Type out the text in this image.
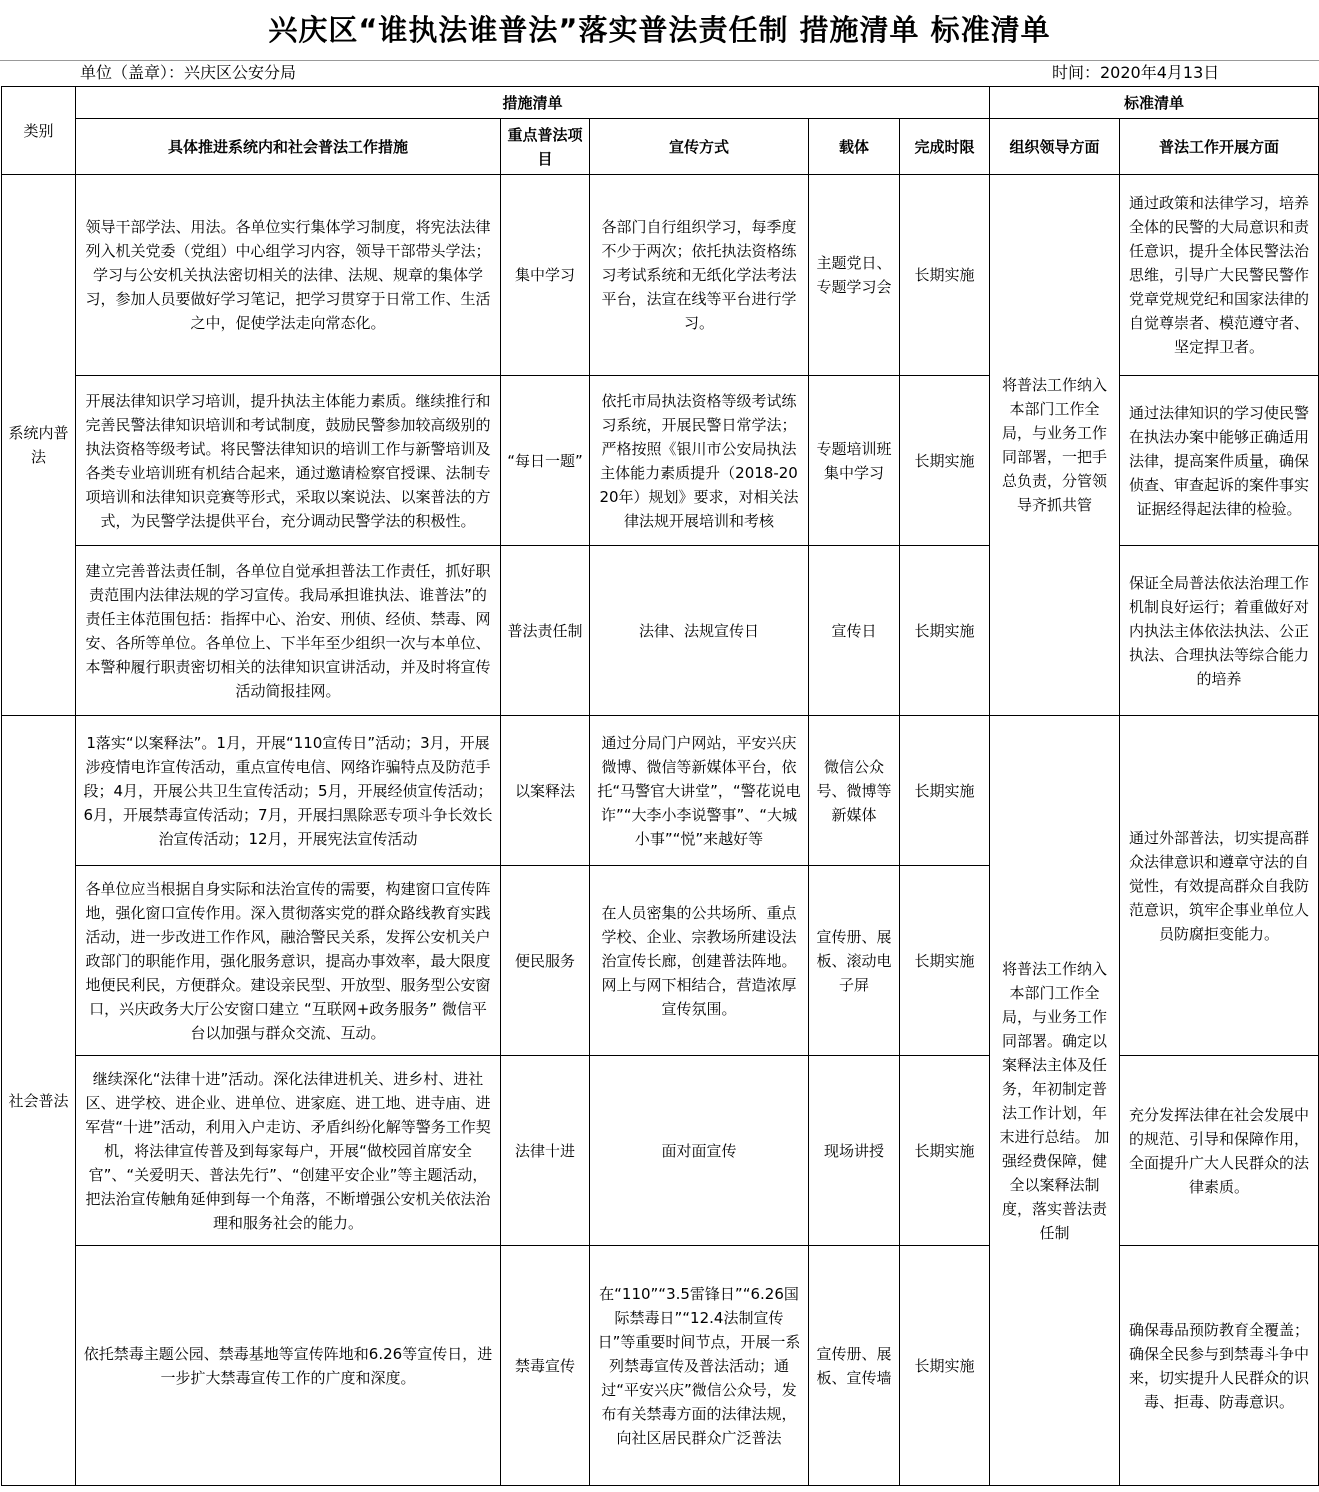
兴庆区“谁执法谁普法”落实普法责任制 措施清单 标准清单
单位（盖章）：兴庆区公安分局	时间：2020年4月13日
类别	措施清单					标准清单	
	具体推进系统内和社会普法工作措施	重点普法项目	宣传方式	载体	完成时限	组织领导方面	普法工作开展方面
系统内普法	领导干部学法、用法。各单位实行集体学习制度，将宪法法律列入机关党委（党组）中心组学习内容，领导干部带头学法；学习与公安机关执法密切相关的法律、法规、规章的集体学习，参加人员要做好学习笔记，把学习贯穿于日常工作、生活之中，促使学法走向常态化。	集中学习	各部门自行组织学习，每季度不少于两次；依托执法资格练习考试系统和无纸化学法考法平台，法宣在线等平台进行学习。	主题党日、专题学习会	长期实施	将普法工作纳入本部门工作全局，与业务工作同部署，一把手总负责，分管领导齐抓共管	通过政策和法律学习，培养全体的民警的大局意识和责任意识，提升全体民警法治思维，引导广大民警民警作党章党规党纪和国家法律的自觉尊崇者、模范遵守者、坚定捍卫者。
	开展法律知识学习培训，提升执法主体能力素质。继续推行和完善民警法律知识培训和考试制度，鼓励民警参加较高级别的执法资格等级考试。将民警法律知识的培训工作与新警培训及各类专业培训班有机结合起来，通过邀请检察官授课、法制专项培训和法律知识竞赛等形式，采取以案说法、以案普法的方式，为民警学法提供平台，充分调动民警学法的积极性。	“每日一题”	依托市局执法资格等级考试练习系统，开展民警日常学法；严格按照《银川市公安局执法主体能力素质提升（2018-2020年）规划》要求，对相关法律法规开展培训和考核	专题培训班集中学习	长期实施		通过法律知识的学习使民警在执法办案中能够正确适用法律，提高案件质量，确保侦查、审查起诉的案件事实证据经得起法律的检验。
	建立完善普法责任制，各单位自觉承担普法工作责任，抓好职责范围内法律法规的学习宣传。我局承担谁执法、谁普法”的责任主体范围包括：指挥中心、治安、刑侦、经侦、禁毒、网安、各所等单位。各单位上、下半年至少组织一次与本单位、本警种履行职责密切相关的法律知识宣讲活动，并及时将宣传活动简报挂网。	普法责任制	法律、法规宣传日	宣传日	长期实施		保证全局普法依法治理工作机制良好运行；着重做好对内执法主体依法执法、公正执法、合理执法等综合能力的培养
社会普法	1落实“以案释法”。1月，开展“110宣传日”活动；3月，开展涉疫情电诈宣传活动，重点宣传电信、网络诈骗特点及防范手段；4月，开展公共卫生宣传活动；5月，开展经侦宣传活动；6月，开展禁毒宣传活动；7月，开展扫黑除恶专项斗争长效长治宣传活动；12月，开展宪法宣传活动	以案释法	通过分局门户网站，平安兴庆微博、微信等新媒体平台，依托“马警官大讲堂”，“警花说电诈”“大李小李说警事”、“大城小事”“悦”来越好等	微信公众号、微博等新媒体	长期实施	将普法工作纳入本部门工作全局，与业务工作同部署。确定以案释法主体及任务，年初制定普法工作计划，年末进行总结。 加强经费保障，健全以案释法制度，落实普法责任制	通过外部普法，切实提高群众法律意识和遵章守法的自觉性，有效提高群众自我防范意识，筑牢企事业单位人员防腐拒变能力。
	各单位应当根据自身实际和法治宣传的需要，构建窗口宣传阵地，强化窗口宣传作用。深入贯彻落实党的群众路线教育实践活动，进一步改进工作作风，融洽警民关系，发挥公安机关户政部门的职能作用，强化服务意识，提高办事效率，最大限度地便民利民，方便群众。建设亲民型、开放型、服务型公安窗口，兴庆政务大厅公安窗口建立 “互联网+政务服务” 微信平台以加强与群众交流、互动。	便民服务	在人员密集的公共场所、重点学校、企业、宗教场所建设法治宣传长廊，创建普法阵地。网上与网下相结合，营造浓厚宣传氛围。	宣传册、展板、滚动电子屏	长期实施		
	继续深化“法律十进”活动。深化法律进机关、进乡村、进社区、进学校、进企业、进单位、进家庭、进工地、进寺庙、进军营“十进”活动，利用入户走访、矛盾纠纷化解等警务工作契机，将法律宣传普及到每家每户，开展“做校园首席安全官”、“关爱明天、普法先行”、“创建平安企业”等主题活动，把法治宣传触角延伸到每一个角落，不断增强公安机关依法治理和服务社会的能力。	法律十进	面对面宣传	现场讲授	长期实施		充分发挥法律在社会发展中的规范、引导和保障作用，全面提升广大人民群众的法律素质。
	依托禁毒主题公园、禁毒基地等宣传阵地和6.26等宣传日，进一步扩大禁毒宣传工作的广度和深度。	禁毒宣传	在“110”“3.5雷锋日”“6.26国际禁毒日”“12.4法制宣传日”等重要时间节点，开展一系列禁毒宣传及普法活动；通过“平安兴庆”微信公众号，发布有关禁毒方面的法律法规，向社区居民群众广泛普法	宣传册、展板、宣传墙	长期实施		确保毒品预防教育全覆盖；确保全民参与到禁毒斗争中来，切实提升人民群众的识毒、拒毒、防毒意识。
